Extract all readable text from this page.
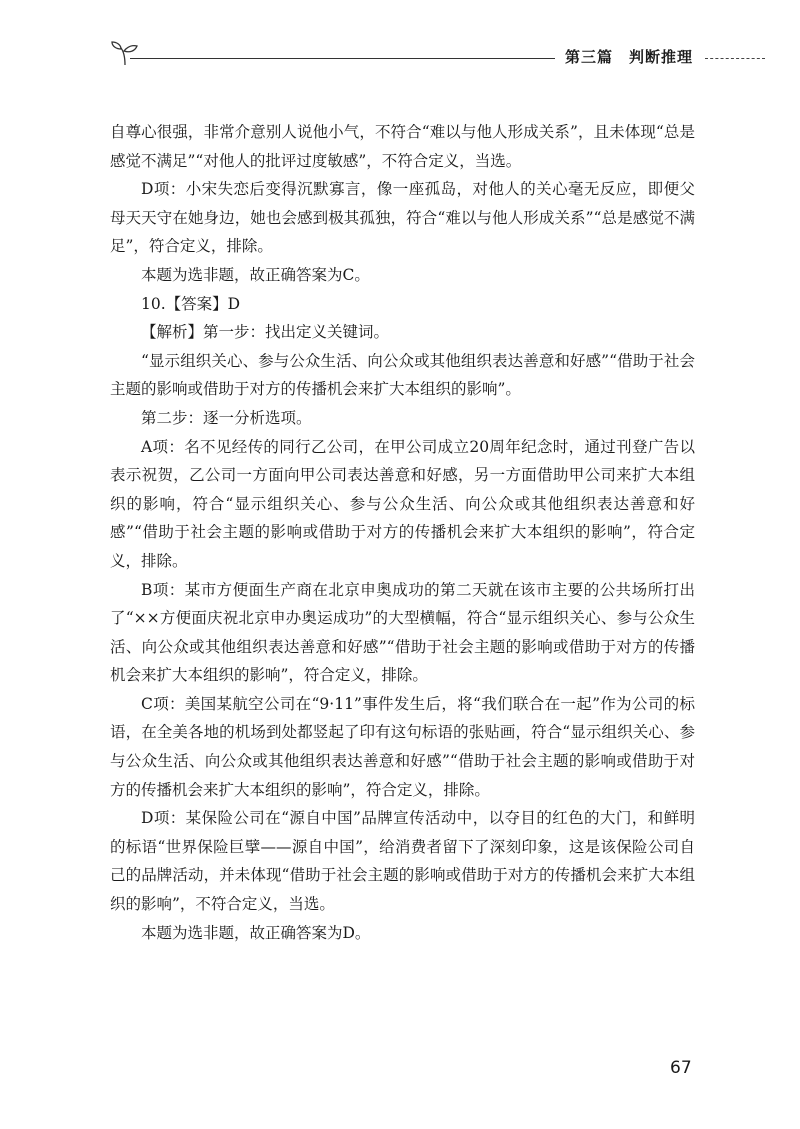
第三篇 判断推理

自尊心很强，非常介意别人说他小气，不符合“难以与他人形成关系”，且未体现“总是感觉不满足”“对他人的批评过度敏感”，不符合定义，当选。

D项：小宋失恋后变得沉默寡言，像一座孤岛，对他人的关心毫无反应，即便父母天天守在她身边，她也会感到极其孤独，符合“难以与他人形成关系”“总是感觉不满足”，符合定义，排除。

本题为选非题，故正确答案为C。

10.【答案】D

【解析】第一步：找出定义关键词。

“显示组织关心、参与公众生活、向公众或其他组织表达善意和好感”“借助于社会主题的影响或借助于对方的传播机会来扩大本组织的影响”。

第二步：逐一分析选项。

A项：名不见经传的同行乙公司，在甲公司成立20周年纪念时，通过刊登广告以表示祝贺，乙公司一方面向甲公司表达善意和好感，另一方面借助甲公司来扩大本组织的影响，符合“显示组织关心、参与公众生活、向公众或其他组织表达善意和好感”“借助于社会主题的影响或借助于对方的传播机会来扩大本组织的影响”，符合定义，排除。

B项：某市方便面生产商在北京申奥成功的第二天就在该市主要的公共场所打出了“××方便面庆祝北京申办奥运成功”的大型横幅，符合“显示组织关心、参与公众生活、向公众或其他组织表达善意和好感”“借助于社会主题的影响或借助于对方的传播机会来扩大本组织的影响”，符合定义，排除。

C项：美国某航空公司在“9·11”事件发生后，将“我们联合在一起”作为公司的标语，在全美各地的机场到处都竖起了印有这句标语的张贴画，符合“显示组织关心、参与公众生活、向公众或其他组织表达善意和好感”“借助于社会主题的影响或借助于对方的传播机会来扩大本组织的影响”，符合定义，排除。

D项：某保险公司在“源自中国”品牌宣传活动中，以夺目的红色的大门，和鲜明的标语“世界保险巨擘——源自中国”，给消费者留下了深刻印象，这是该保险公司自己的品牌活动，并未体现“借助于社会主题的影响或借助于对方的传播机会来扩大本组织的影响”，不符合定义，当选。

本题为选非题，故正确答案为D。

67
